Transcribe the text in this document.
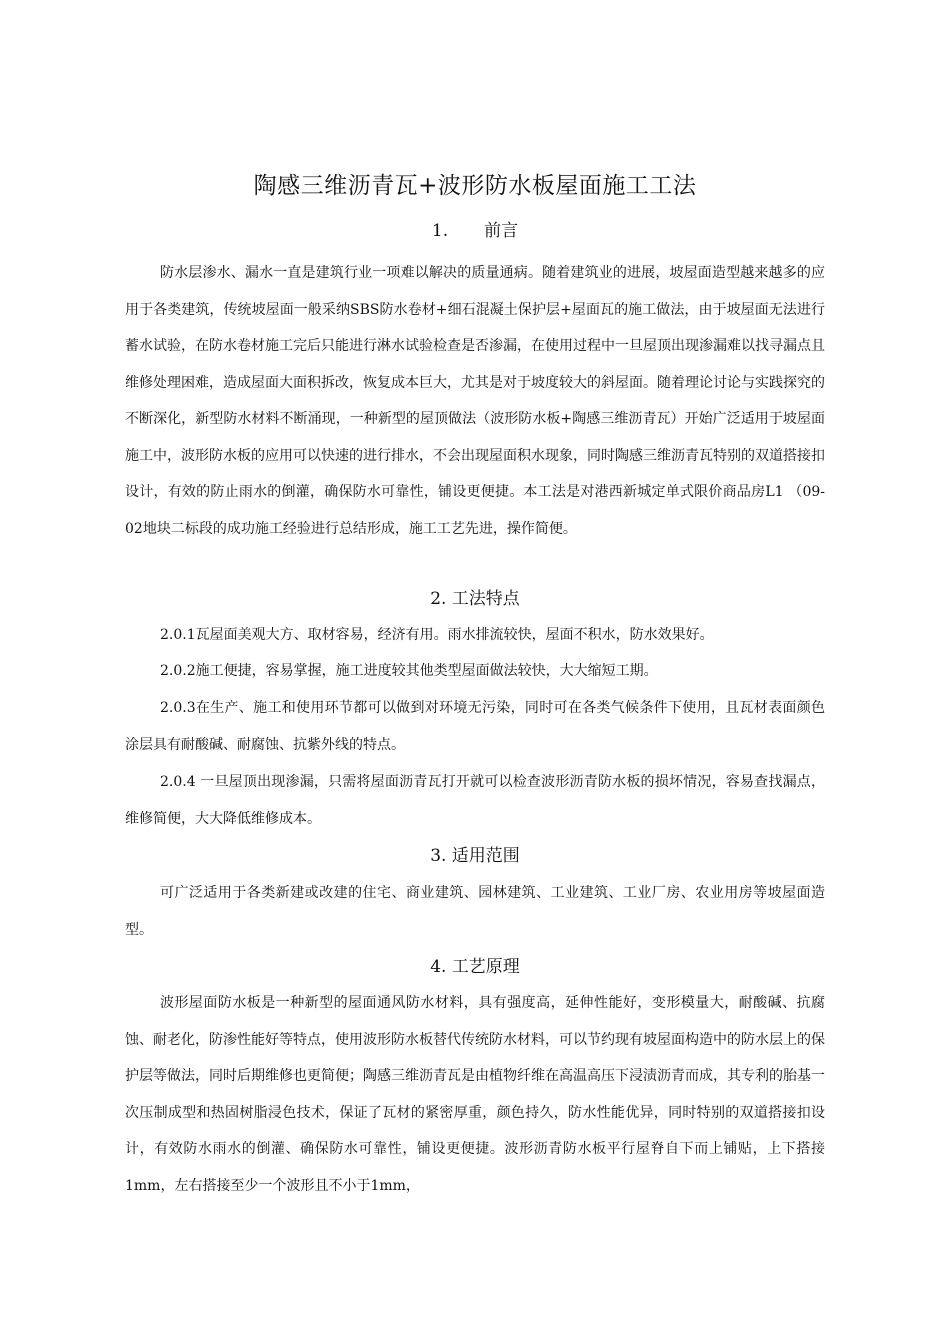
陶感三维沥青瓦+波形防水板屋面施工工法
1. 前言

防水层渗水、漏水一直是建筑行业一项难以解决的质量通病。随着建筑业的进展，坡屋面造型越来越多的应用于各类建筑，传统坡屋面一般采纳SBS防水卷材+细石混凝土保护层+屋面瓦的施工做法，由于坡屋面无法进行蓄水试验，在防水卷材施工完后只能进行淋水试验检查是否渗漏，在使用过程中一旦屋顶出现渗漏难以找寻漏点且维修处理困难，造成屋面大面积拆改，恢复成本巨大，尤其是对于坡度较大的斜屋面。随着理论讨论与实践探究的不断深化，新型防水材料不断涌现，一种新型的屋顶做法（波形防水板+陶感三维沥青瓦）开始广泛适用于坡屋面施工中，波形防水板的应用可以快速的进行排水，不会出现屋面积水现象，同时陶感三维沥青瓦特别的双道搭接扣设计，有效的防止雨水的倒灌，确保防水可靠性，铺设更便捷。本工法是对港西新城定单式限价商品房L1 （09-02地块二标段的成功施工经验进行总结形成，施工工艺先进，操作简便。

2. 工法特点

2.0.1瓦屋面美观大方、取材容易，经济有用。雨水排流较快，屋面不积水，防水效果好。

2.0.2施工便捷，容易掌握，施工进度较其他类型屋面做法较快，大大缩短工期。

2.0.3在生产、施工和使用环节都可以做到对环境无污染，同时可在各类气候条件下使用，且瓦材表面颜色涂层具有耐酸碱、耐腐蚀、抗紫外线的特点。

2.0.4 一旦屋顶出现渗漏，只需将屋面沥青瓦打开就可以检查波形沥青防水板的损坏情况，容易查找漏点，维修简便，大大降低维修成本。

3. 适用范围

可广泛适用于各类新建或改建的住宅、商业建筑、园林建筑、工业建筑、工业厂房、农业用房等坡屋面造型。

4. 工艺原理

波形屋面防水板是一种新型的屋面通风防水材料，具有强度高，延伸性能好，变形模量大，耐酸碱、抗腐蚀、耐老化，防渗性能好等特点，使用波形防水板替代传统防水材料，可以节约现有坡屋面构造中的防水层上的保护层等做法，同时后期维修也更简便；陶感三维沥青瓦是由植物纤维在高温高压下浸渍沥青而成，其专利的胎基一次压制成型和热固树脂浸色技术，保证了瓦材的紧密厚重，颜色持久，防水性能优异，同时特别的双道搭接扣设计，有效防水雨水的倒灌、确保防水可靠性，铺设更便捷。波形沥青防水板平行屋脊自下而上铺贴，上下搭接1mm，左右搭接至少一个波形且不小于1mm，
